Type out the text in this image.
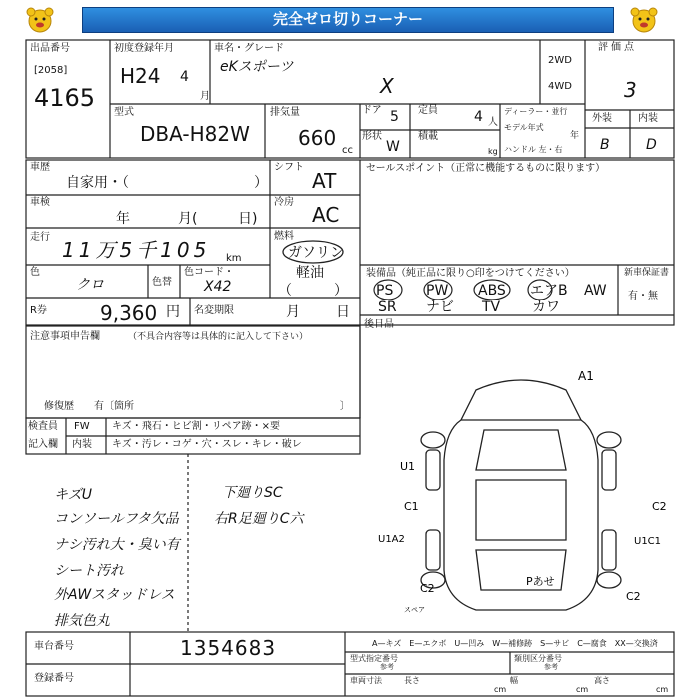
完全ゼロ切りコーナー
出品番号
[2058]
4165
初度登録年月
H24 4
月
車名・グレード
eKスポーツ
X
2WD
4WD
評価点
3
外装	内装
B	D
型式
DBA-H82W
排気量
660
cc
ドア 5
形状
W
定員	4 人
積載
kg
ディーラー・並行
モデル年式
年
ハンドル 左・右
車歴
自家用・（	）
シフト
AT
車検
年	月(	日)
冷房
AC
走行
11万5千105 km
燃料
ガソリン
軽油
（　　　）
色
クロ	色替
色コード・
X42
R券	9,360 円 名変期限	月	日
セールスポイント（正常に機能するものに限ります）
装備品（純正品に限り○印をつけてください）	新車保証書
有・無
PS PW ABS エアB AW
SR ナビ TV カワ
後日品
注意事項申告欄	（不具合内容等は具体的に記入して下さい）
修復歴　　有〔箇所	〕
検査員
記入欄
FW キズ・飛石・ヒビ割・リペア跡・×要
内装 キズ・汚レ・コゲ・穴・スレ・キレ・破レ
キズU
コンソールフタ欠品
ナシ汚れ大・臭い有
シート汚れ
外AWスタッドレス
排気色丸
下廻りSC
右R足廻りC六
A1
U1
C1
U1A2
C2
C2
C2
U1C1
Pあせ
スペア
車台番号	1354683
登録番号
A—キズ　E—エクボ　U—凹み　W—補修跡　S—サビ　C—腐食　XX—交換済
型式指定番号
参考
類別区分番号
参考
車両寸法	長さ
cm
幅
cm
高さ
cm
